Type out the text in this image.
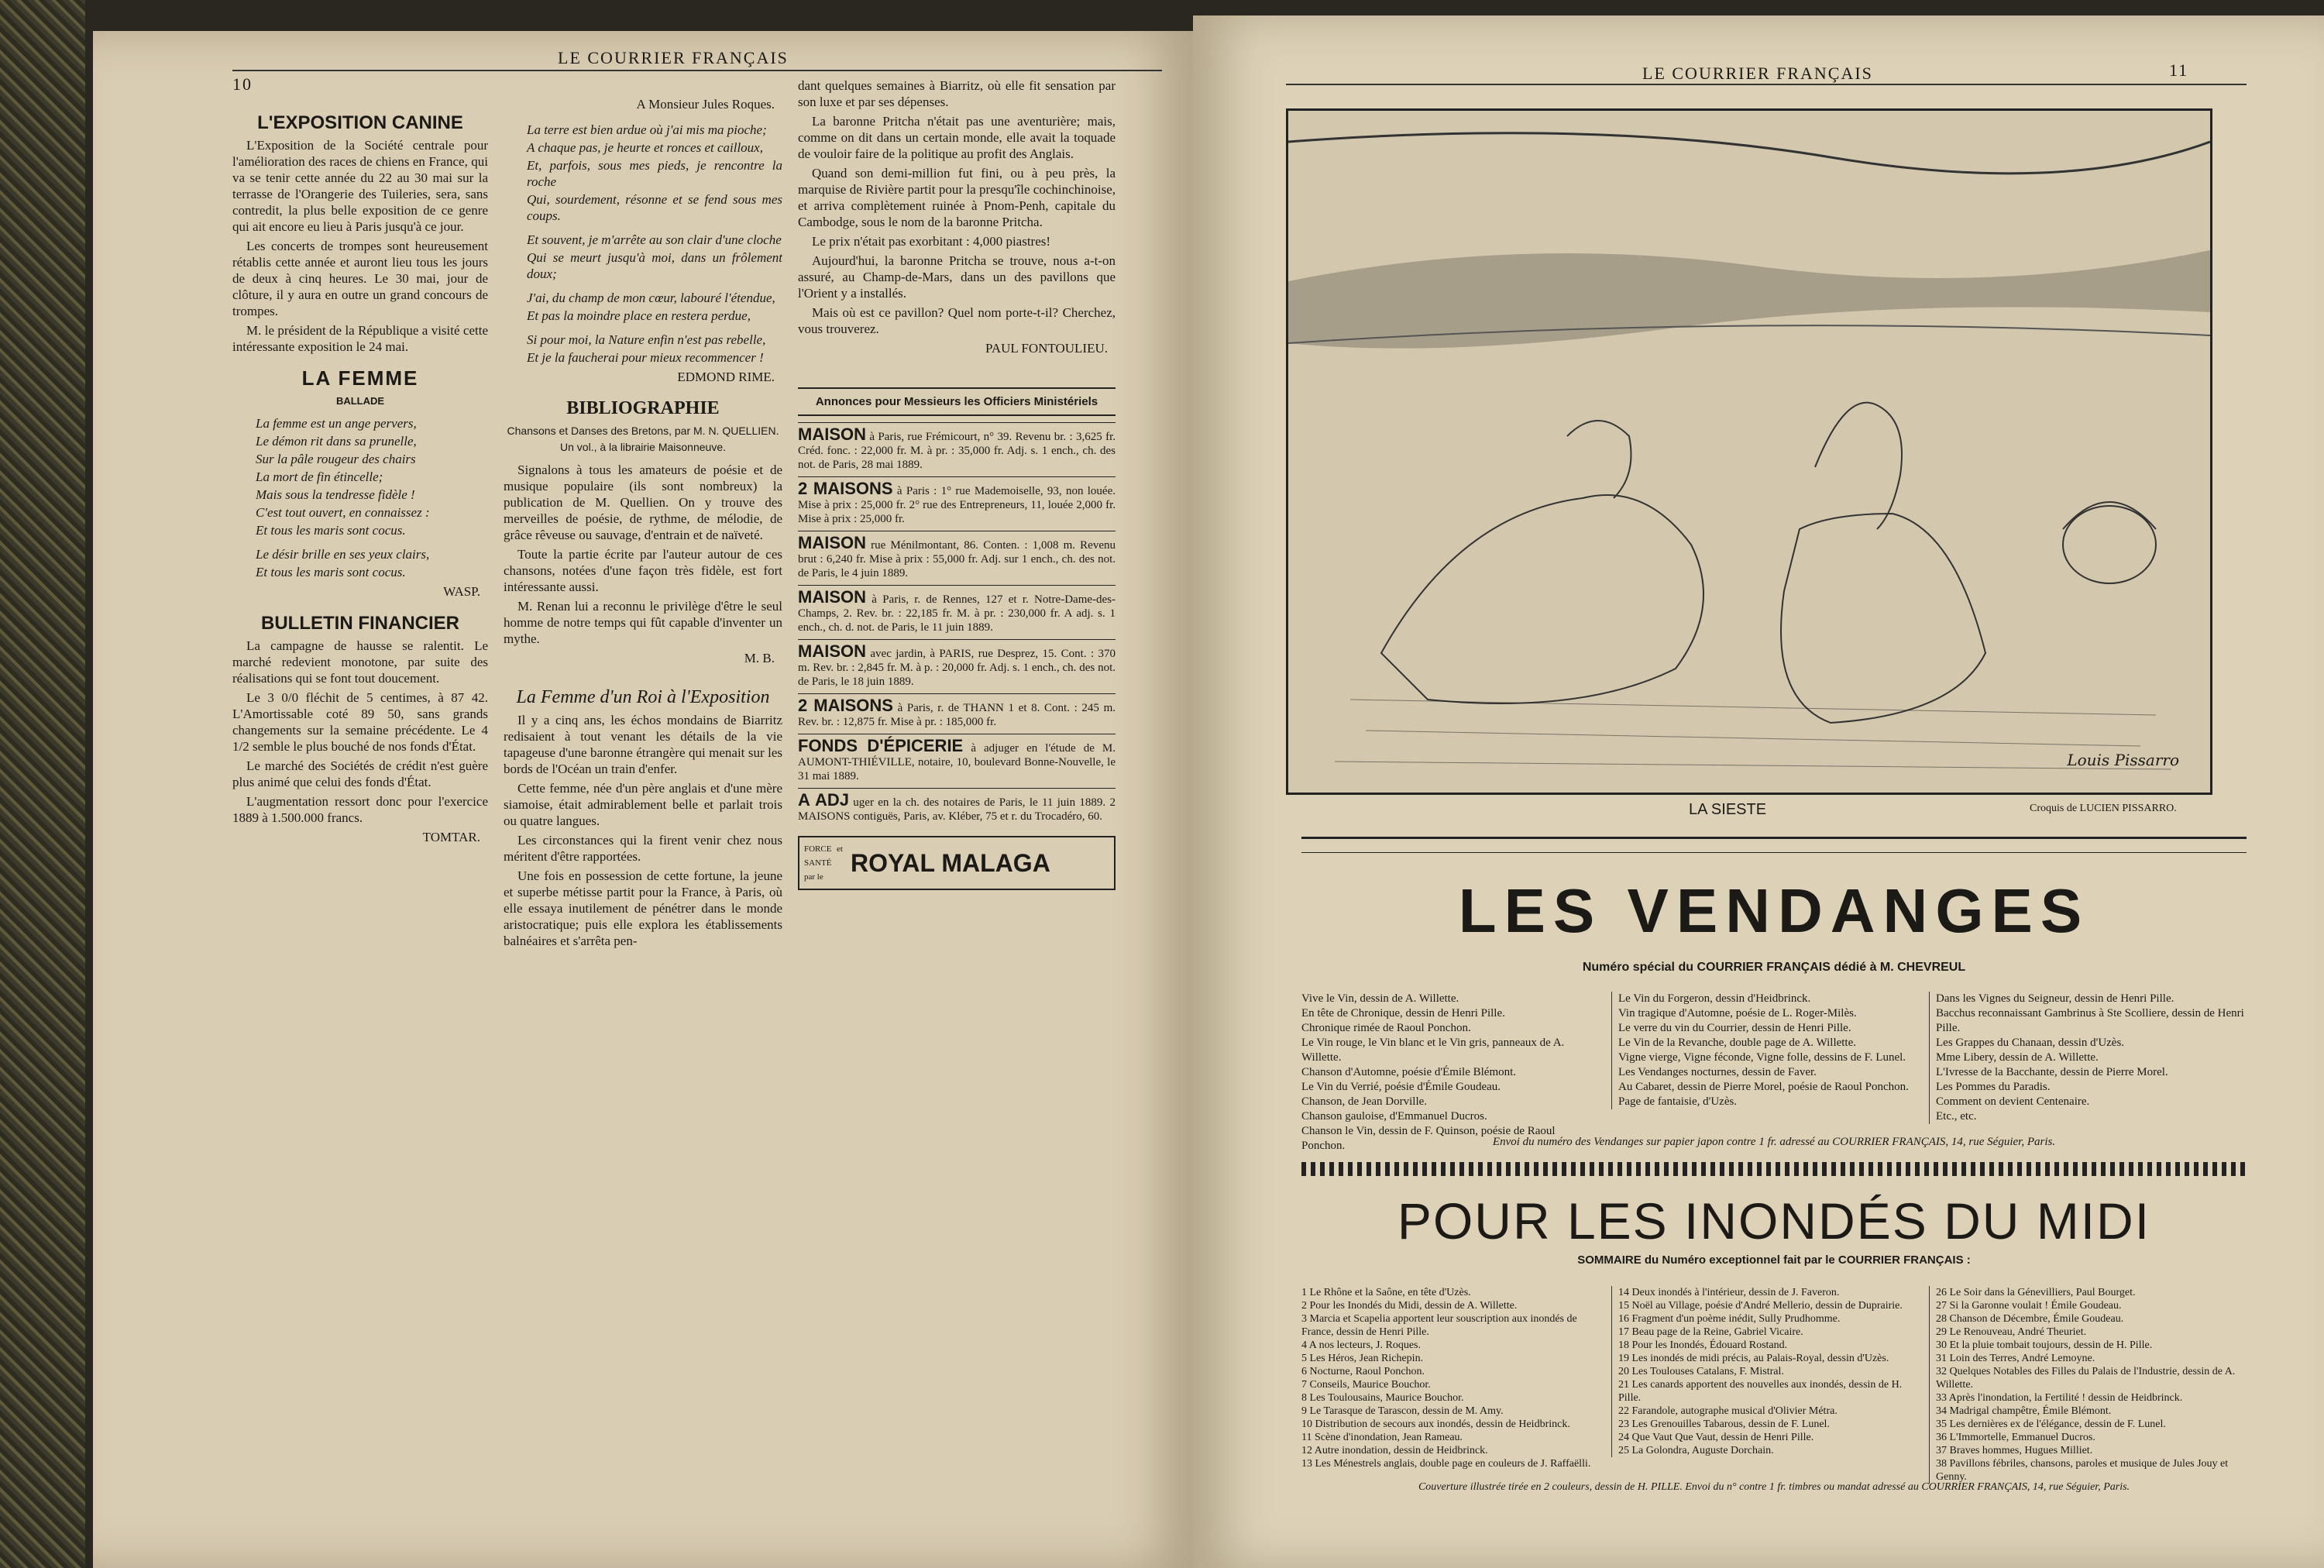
10
LE COURRIER FRANÇAIS
L'EXPOSITION CANINE

L'Exposition de la Société centrale pour l'amélioration des races de chiens en France, qui va se tenir cette année du 22 au 30 mai sur la terrasse de l'Orangerie des Tuileries, sera, sans contredit, la plus belle exposition de ce genre qui ait encore eu lieu à Paris jusqu'à ce jour.

Les concerts de trompes sont heureusement rétablis cette année et auront lieu tous les jours de deux à cinq heures. Le 30 mai, jour de clôture, il y aura en outre un grand concours de trompes.

M. le président de la République a visité cette intéressante exposition le 24 mai.

LA FEMME
BALLADE

La femme est un ange pervers,

Le démon rit dans sa prunelle,

Sur la pâle rougeur des chairs

La mort de fin étincelle;

Mais sous la tendresse fidèle !

C'est tout ouvert, en connaissez :

Et tous les maris sont cocus.

Le désir brille en ses yeux clairs,

Et tous les maris sont cocus.

WASP.
BULLETIN FINANCIER

La campagne de hausse se ralentit. Le marché redevient monotone, par suite des réalisations qui se font tout doucement.

Le 3 0/0 fléchit de 5 centimes, à 87 42. L'Amortissable coté 89 50, sans grands changements sur la semaine précédente. Le 4 1/2 semble le plus bouché de nos fonds d'État.

Le marché des Sociétés de crédit n'est guère plus animé que celui des fonds d'État.

L'augmentation ressort donc pour l'exercice 1889 à 1.500.000 francs.

TOMTAR.
A Monsieur Jules Roques.

La terre est bien ardue où j'ai mis ma pioche;

A chaque pas, je heurte et ronces et cailloux,

Et, parfois, sous mes pieds, je rencontre la roche

Qui, sourdement, résonne et se fend sous mes coups.

Et souvent, je m'arrête au son clair d'une cloche

Qui se meurt jusqu'à moi, dans un frôlement doux;

J'ai, du champ de mon cœur, labouré l'étendue,

Et pas la moindre place en restera perdue,

Si pour moi, la Nature enfin n'est pas rebelle,

Et je la faucherai pour mieux recommencer !

EDMOND RIME.
BIBLIOGRAPHIE
Chansons et Danses des Bretons, par M. N. QUELLIEN. Un vol., à la librairie Maisonneuve.

Signalons à tous les amateurs de poésie et de musique populaire (ils sont nombreux) la publication de M. Quellien. On y trouve des merveilles de poésie, de rythme, de mélodie, de grâce rêveuse ou sauvage, d'entrain et de naïveté.

Toute la partie écrite par l'auteur autour de ces chansons, notées d'une façon très fidèle, est fort intéressante aussi.

M. Renan lui a reconnu le privilège d'être le seul homme de notre temps qui fût capable d'inventer un mythe.

M. B.
La Femme d'un Roi à l'Exposition

Il y a cinq ans, les échos mondains de Biarritz redisaient à tout venant les détails de la vie tapageuse d'une baronne étrangère qui menait sur les bords de l'Océan un train d'enfer.

Cette femme, née d'un père anglais et d'une mère siamoise, était admirablement belle et parlait trois ou quatre langues.

Les circonstances qui la firent venir chez nous méritent d'être rapportées.

Une fois en possession de cette fortune, la jeune et superbe métisse partit pour la France, à Paris, où elle essaya inutilement de pénétrer dans le monde aristocratique; puis elle explora les établissements balnéaires et s'arrêta pen-

dant quelques semaines à Biarritz, où elle fit sensation par son luxe et par ses dépenses.

La baronne Pritcha n'était pas une aventurière; mais, comme on dit dans un certain monde, elle avait la toquade de vouloir faire de la politique au profit des Anglais.

Quand son demi-million fut fini, ou à peu près, la marquise de Rivière partit pour la presqu'île cochinchinoise, et arriva complètement ruinée à Pnom-Penh, capitale du Cambodge, sous le nom de la baronne Pritcha.

Le prix n'était pas exorbitant : 4,000 piastres!

Aujourd'hui, la baronne Pritcha se trouve, nous a-t-on assuré, au Champ-de-Mars, dans un des pavillons que l'Orient y a installés.

Mais où est ce pavillon? Quel nom porte-t-il? Cherchez, vous trouverez.

PAUL FONTOULIEU.
Annonces pour Messieurs les Officiers Ministériels
MAISON à Paris, rue Frémicourt, n° 39. Revenu br. : 3,625 fr. Créd. fonc. : 22,000 fr. M. à pr. : 35,000 fr. Adj. s. 1 ench., ch. des not. de Paris, 28 mai 1889.
2 MAISONS à Paris : 1° rue Mademoiselle, 93, non louée. Mise à prix : 25,000 fr. 2° rue des Entrepreneurs, 11, louée 2,000 fr. Mise à prix : 25,000 fr.
MAISON rue Ménilmontant, 86. Conten. : 1,008 m. Revenu brut : 6,240 fr. Mise à prix : 55,000 fr. Adj. sur 1 ench., ch. des not. de Paris, le 4 juin 1889.
MAISON à Paris, r. de Rennes, 127 et r. Notre-Dame-des-Champs, 2. Rev. br. : 22,185 fr. M. à pr. : 230,000 fr. A adj. s. 1 ench., ch. d. not. de Paris, le 11 juin 1889.
MAISON avec jardin, à PARIS, rue Desprez, 15. Cont. : 370 m. Rev. br. : 2,845 fr. M. à p. : 20,000 fr. Adj. s. 1 ench., ch. des not. de Paris, le 18 juin 1889.
2 MAISONS à Paris, r. de THANN 1 et 8. Cont. : 245 m. Rev. br. : 12,875 fr. Mise à pr. : 185,000 fr.
FONDS D'ÉPICERIE à adjuger en l'étude de M. AUMONT-THIÉVILLE, notaire, 10, boulevard Bonne-Nouvelle, le 31 mai 1889.
A ADJ uger en la ch. des notaires de Paris, le 11 juin 1889. 2 MAISONS contiguës, Paris, av. Kléber, 75 et r. du Trocadéro, 60.
FORCE et SANTÉ par le	ROYAL MALAGA
LE COURRIER FRANÇAIS	11
Louis Pissarro
LA SIESTE	Croquis de LUCIEN PISSARRO.
LES VENDANGES
Numéro spécial du COURRIER FRANÇAIS dédié à M. CHEVREUL

Vive le Vin, dessin de A. Willette.

En tête de Chronique, dessin de Henri Pille.

Chronique rimée de Raoul Ponchon.

Le Vin rouge, le Vin blanc et le Vin gris, panneaux de A. Willette.

Chanson d'Automne, poésie d'Émile Blémont.

Le Vin du Verrié, poésie d'Émile Goudeau.

Chanson, de Jean Dorville.

Chanson gauloise, d'Emmanuel Ducros.

Chanson le Vin, dessin de F. Quinson, poésie de Raoul Ponchon.

Le Vin du Forgeron, dessin d'Heidbrinck.

Vin tragique d'Automne, poésie de L. Roger-Milès.

Le verre du vin du Courrier, dessin de Henri Pille.

Le Vin de la Revanche, double page de A. Willette.

Vigne vierge, Vigne féconde, Vigne folle, dessins de F. Lunel.

Les Vendanges nocturnes, dessin de Faver.

Au Cabaret, dessin de Pierre Morel, poésie de Raoul Ponchon.

Page de fantaisie, d'Uzès.

Dans les Vignes du Seigneur, dessin de Henri Pille.

Bacchus reconnaissant Gambrinus à Ste Scolliere, dessin de Henri Pille.

Les Grappes du Chanaan, dessin d'Uzès.

Mme Libery, dessin de A. Willette.

L'Ivresse de la Bacchante, dessin de Pierre Morel.

Les Pommes du Paradis.

Comment on devient Centenaire.

Etc., etc.

Envoi du numéro des Vendanges sur papier japon contre 1 fr. adressé au COURRIER FRANÇAIS, 14, rue Séguier, Paris.
POUR LES INONDÉS DU MIDI
SOMMAIRE du Numéro exceptionnel fait par le COURRIER FRANÇAIS :

1 Le Rhône et la Saône, en tête d'Uzès.

2 Pour les Inondés du Midi, dessin de A. Willette.

3 Marcia et Scapelia apportent leur souscription aux inondés de France, dessin de Henri Pille.

4 A nos lecteurs, J. Roques.

5 Les Héros, Jean Richepin.

6 Nocturne, Raoul Ponchon.

7 Conseils, Maurice Bouchor.

8 Les Toulousains, Maurice Bouchor.

9 Le Tarasque de Tarascon, dessin de M. Amy.

10 Distribution de secours aux inondés, dessin de Heidbrinck.

11 Scène d'inondation, Jean Rameau.

12 Autre inondation, dessin de Heidbrinck.

13 Les Ménestrels anglais, double page en couleurs de J. Raffaëlli.

14 Deux inondés à l'intérieur, dessin de J. Faveron.

15 Noël au Village, poésie d'André Mellerio, dessin de Duprairie.

16 Fragment d'un poème inédit, Sully Prudhomme.

17 Beau page de la Reine, Gabriel Vicaire.

18 Pour les Inondés, Édouard Rostand.

19 Les inondés de midi précis, au Palais-Royal, dessin d'Uzès.

20 Les Toulouses Catalans, F. Mistral.

21 Les canards apportent des nouvelles aux inondés, dessin de H. Pille.

22 Farandole, autographe musical d'Olivier Métra.

23 Les Grenouilles Tabarous, dessin de F. Lunel.

24 Que Vaut Que Vaut, dessin de Henri Pille.

25 La Golondra, Auguste Dorchain.

26 Le Soir dans la Génevilliers, Paul Bourget.

27 Si la Garonne voulait ! Émile Goudeau.

28 Chanson de Décembre, Émile Goudeau.

29 Le Renouveau, André Theuriet.

30 Et la pluie tombait toujours, dessin de H. Pille.

31 Loin des Terres, André Lemoyne.

32 Quelques Notables des Filles du Palais de l'Industrie, dessin de A. Willette.

33 Après l'inondation, la Fertilité ! dessin de Heidbrinck.

34 Madrigal champêtre, Émile Blémont.

35 Les dernières ex de l'élégance, dessin de F. Lunel.

36 L'Immortelle, Emmanuel Ducros.

37 Braves hommes, Hugues Milliet.

38 Pavillons fébriles, chansons, paroles et musique de Jules Jouy et Genny.

Couverture illustrée tirée en 2 couleurs, dessin de H. PILLE. Envoi du n° contre 1 fr. timbres ou mandat adressé au COURRIER FRANÇAIS, 14, rue Séguier, Paris.
